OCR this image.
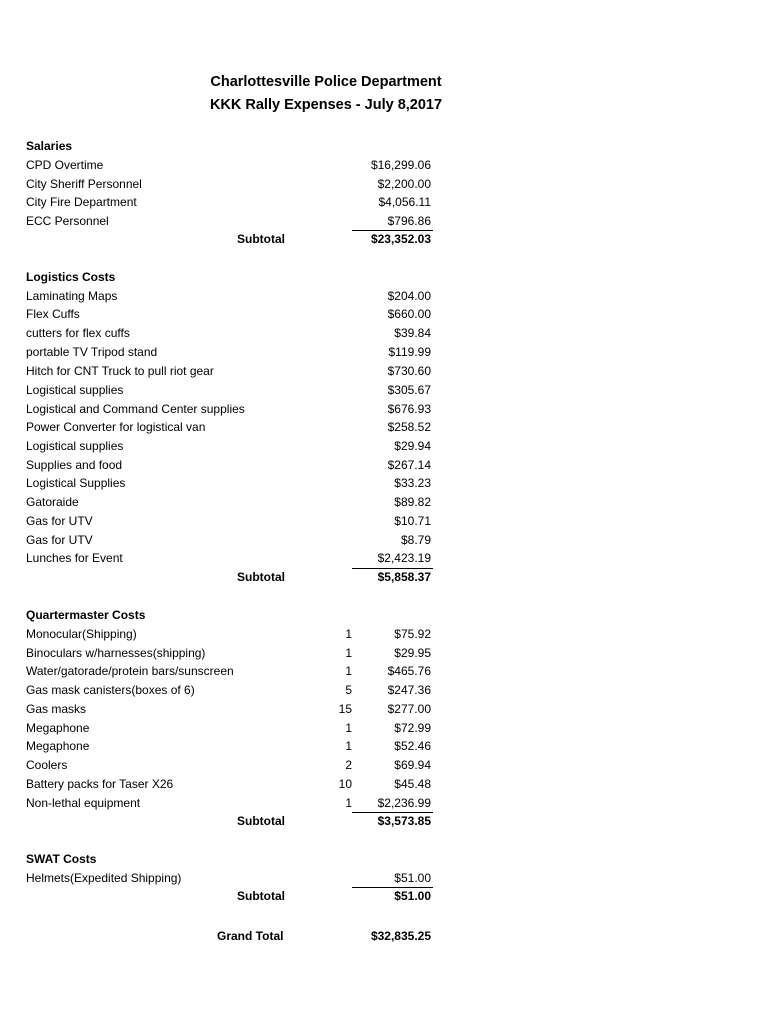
Charlottesville Police Department
KKK Rally Expenses - July 8,2017
Salaries
CPD Overtime	$16,299.06
City Sheriff Personnel	$2,200.00
City Fire Department	$4,056.11
ECC Personnel	$796.86
Subtotal	$23,352.03
Logistics Costs
Laminating Maps	$204.00
Flex Cuffs	$660.00
cutters for flex cuffs	$39.84
portable TV Tripod stand	$119.99
Hitch for CNT Truck to pull riot gear	$730.60
Logistical supplies	$305.67
Logistical and Command Center supplies	$676.93
Power Converter for logistical van	$258.52
Logistical supplies	$29.94
Supplies and food	$267.14
Logistical Supplies	$33.23
Gatoraide	$89.82
Gas for UTV	$10.71
Gas for UTV	$8.79
Lunches for Event	$2,423.19
Subtotal	$5,858.37
Quartermaster Costs
Monocular(Shipping)	1	$75.92
Binoculars w/harnesses(shipping)	1	$29.95
Water/gatorade/protein bars/sunscreen	1	$465.76
Gas mask canisters(boxes of 6)	5	$247.36
Gas masks	15	$277.00
Megaphone	1	$72.99
Megaphone	1	$52.46
Coolers	2	$69.94
Battery packs for Taser X26	10	$45.48
Non-lethal equipment	1	$2,236.99
Subtotal	$3,573.85
SWAT Costs
Helmets(Expedited Shipping)	$51.00
Subtotal	$51.00
Grand Total	$32,835.25
